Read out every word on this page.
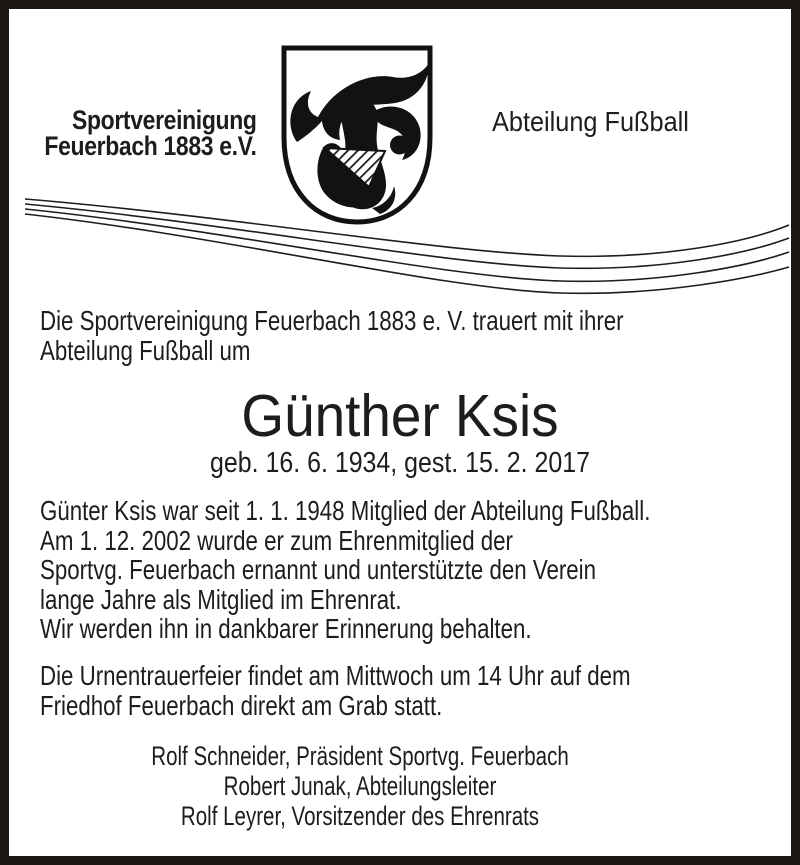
Sportvereinigung
Feuerbach 1883 e.V.
Abteilung Fußball
Die Sportvereinigung Feuerbach 1883 e. V. trauert mit ihrer
Abteilung Fußball um
Günther Ksis
geb. 16. 6. 1934, gest. 15. 2. 2017
Günter Ksis war seit 1. 1. 1948 Mitglied der Abteilung Fußball.
Am 1. 12. 2002 wurde er zum Ehrenmitglied der
Sportvg. Feuerbach ernannt und unterstützte den Verein
lange Jahre als Mitglied im Ehrenrat.
Wir werden ihn in dankbarer Erinnerung behalten.
Die Urnentrauerfeier findet am Mittwoch um 14 Uhr auf dem
Friedhof Feuerbach direkt am Grab statt.
Rolf Schneider, Präsident Sportvg. Feuerbach
Robert Junak, Abteilungsleiter
Rolf Leyrer, Vorsitzender des Ehrenrats
